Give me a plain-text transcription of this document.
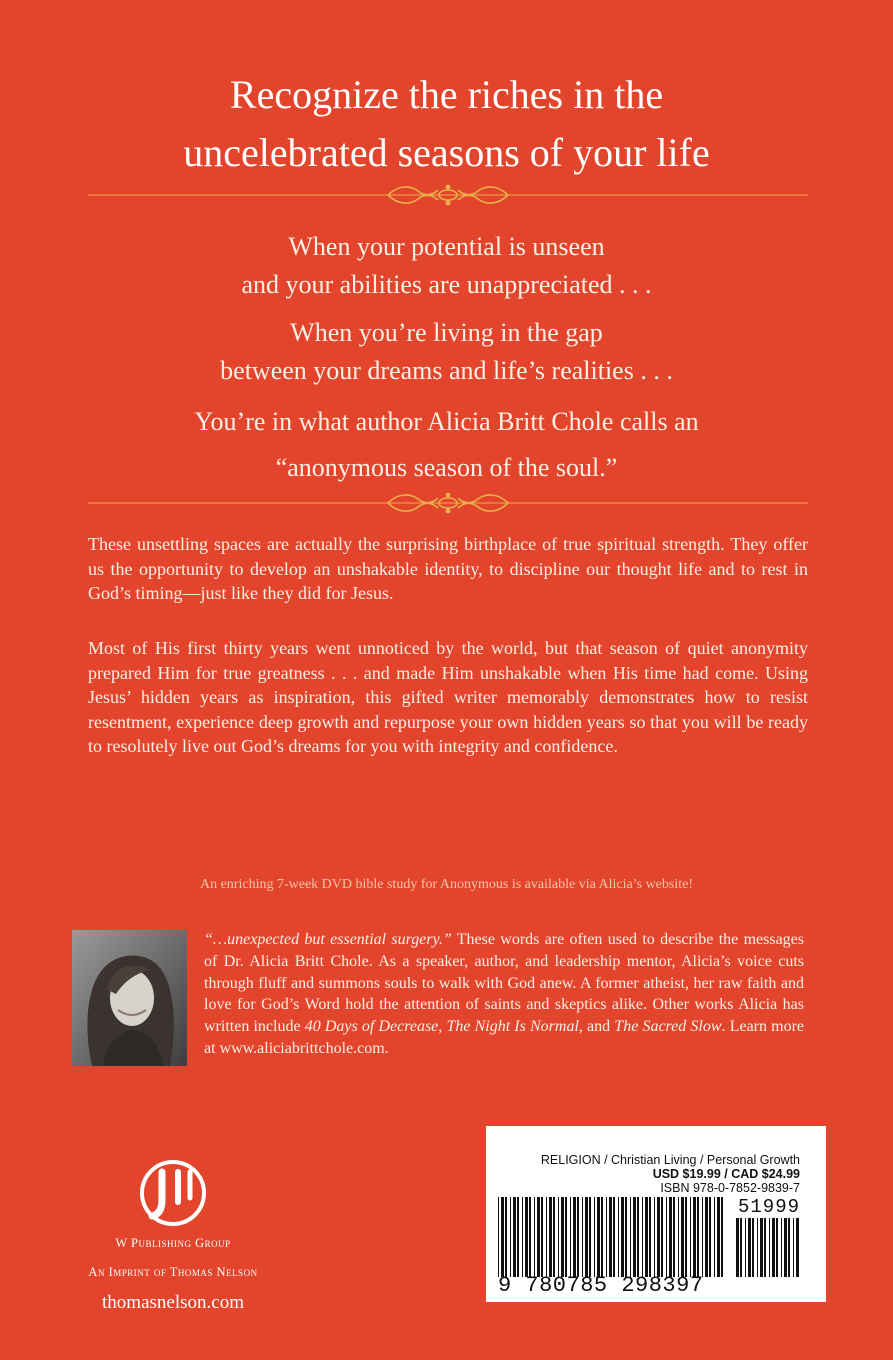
Recognize the riches in the
uncelebrated seasons of your life
When your potential is unseen
and your abilities are unappreciated . . .
When you’re living in the gap
between your dreams and life’s realities . . .
You’re in what author Alicia Britt Chole calls an
“anonymous season of the soul.”
These unsettling spaces are actually the surprising birthplace of true spiritual strength. They offer us the opportunity to develop an unshakable identity, to discipline our thought life and to rest in God’s timing—just like they did for Jesus.
Most of His first thirty years went unnoticed by the world, but that season of quiet anonymity prepared Him for true greatness . . . and made Him unshakable when His time had come. Using Jesus’ hidden years as inspiration, this gifted writer memorably demonstrates how to resist resentment, experience deep growth and repurpose your own hidden years so that you will be ready to resolutely live out God’s dreams for you with integrity and confidence.
An enriching 7-week DVD bible study for Anonymous is available via Alicia’s website!
“…unexpected but essential surgery.” These words are often used to describe the messages of Dr. Alicia Britt Chole. As a speaker, author, and leadership mentor, Alicia’s voice cuts through fluff and summons souls to walk with God anew. A former atheist, her raw faith and love for God’s Word hold the attention of saints and skeptics alike. Other works Alicia has written include 40 Days of Decrease, The Night Is Normal, and The Sacred Slow. Learn more at www.aliciabrittchole.com.
W Publishing Group
An Imprint of Thomas Nelson
thomasnelson.com
RELIGION / Christian Living / Personal Growth
USD $19.99 / CAD $24.99
ISBN 978-0-7852-9839-7
51999
9 780785 298397
